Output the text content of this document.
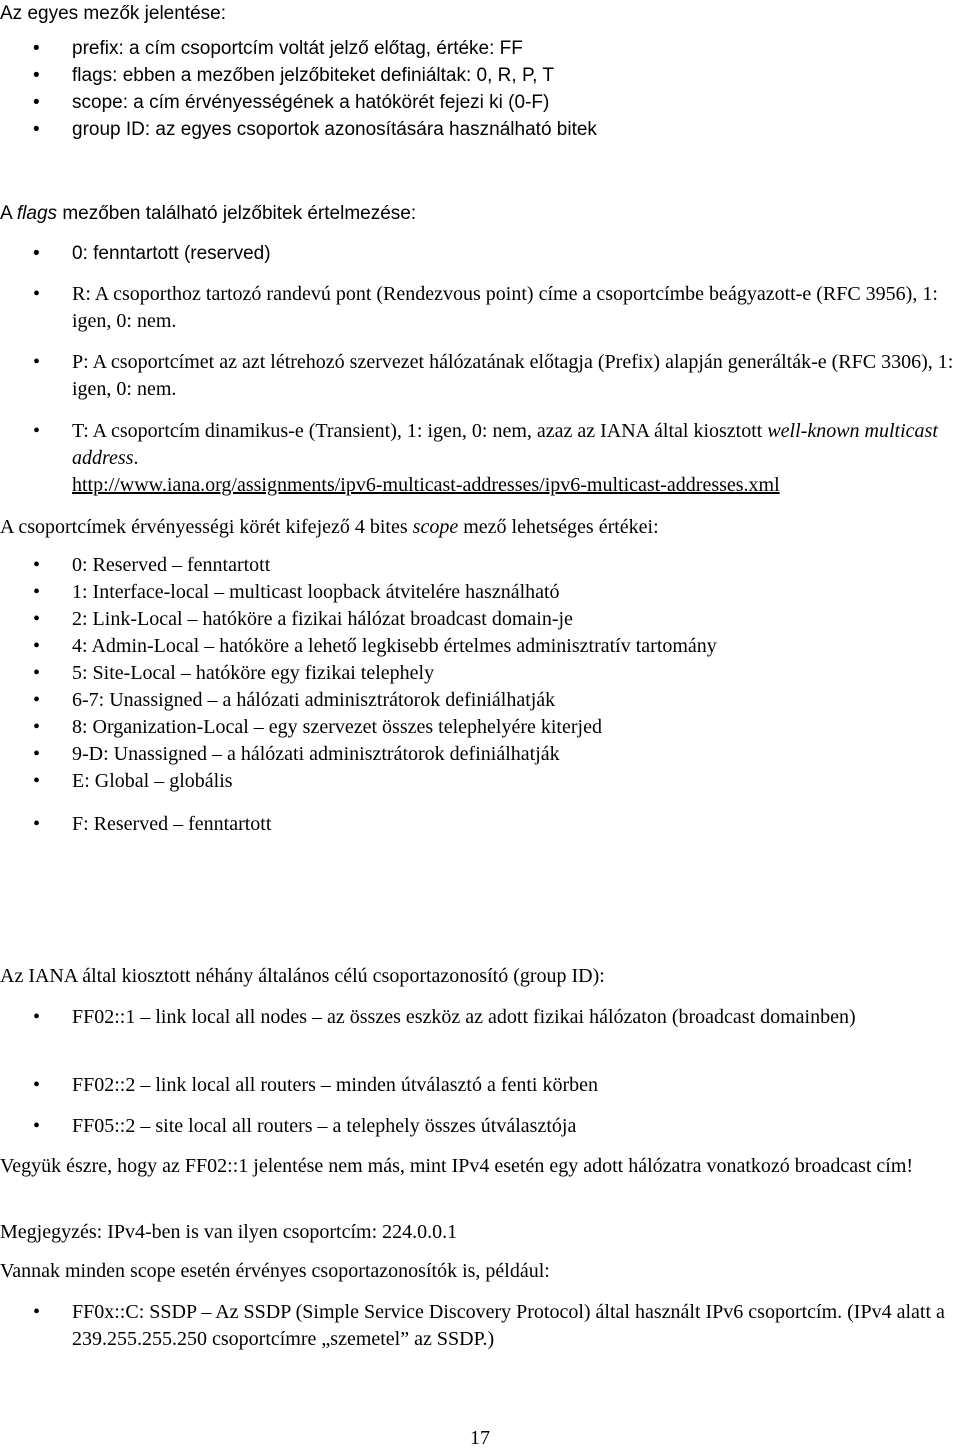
Az egyes mezők jelentése:

• prefix: a cím csoportcím voltát jelző előtag, értéke: FF
• flags: ebben a mezőben jelzőbiteket definiáltak: 0, R, P, T
• scope: a cím érvényességének a hatókörét fejezi ki (0-F)
• group ID: az egyes csoportok azonosítására használható bitek

A flags mezőben található jelzőbitek értelmezése:

• 0: fenntartott (reserved)
• R: A csoporthoz tartozó randevú pont (Rendezvous point) címe a csoportcímbe beágyazott-e (RFC 3956), 1: igen, 0: nem.
• P: A csoportcímet az azt létrehozó szervezet hálózatának előtagja (Prefix) alapján generálták-e (RFC 3306), 1: igen, 0: nem.
• T: A csoportcím dinamikus-e (Transient), 1: igen, 0: nem, azaz az IANA által kiosztott well-known multicast address.
http://www.iana.org/assignments/ipv6-multicast-addresses/ipv6-multicast-addresses.xml

A csoportcímek érvényességi körét kifejező 4 bites scope mező lehetséges értékei:

• 0: Reserved – fenntartott
• 1: Interface-local – multicast loopback átvitelére használható
• 2: Link-Local – hatóköre a fizikai hálózat broadcast domain-je
• 4: Admin-Local – hatóköre a lehető legkisebb értelmes adminisztratív tartomány
• 5: Site-Local – hatóköre egy fizikai telephely
• 6-7: Unassigned – a hálózati adminisztrátorok definiálhatják
• 8: Organization-Local – egy szervezet összes telephelyére kiterjed
• 9-D: Unassigned – a hálózati adminisztrátorok definiálhatják
• E: Global – globális
• F: Reserved – fenntartott

Az IANA által kiosztott néhány általános célú csoportazonosító (group ID):

• FF02::1 – link local all nodes – az összes eszköz az adott fizikai hálózaton (broadcast domainben)
• FF02::2 – link local all routers – minden útválasztó a fenti körben
• FF05::2 – site local all routers – a telephely összes útválasztója

Vegyük észre, hogy az FF02::1 jelentése nem más, mint IPv4 esetén egy adott hálózatra vonatkozó broadcast cím!

Megjegyzés: IPv4-ben is van ilyen csoportcím: 224.0.0.1

Vannak minden scope esetén érvényes csoportazonosítók is, például:

• FF0x::C: SSDP – Az SSDP (Simple Service Discovery Protocol) által használt IPv6 csoportcím. (IPv4 alatt a 239.255.255.250 csoportcímre „szemetel” az SSDP.)
17
